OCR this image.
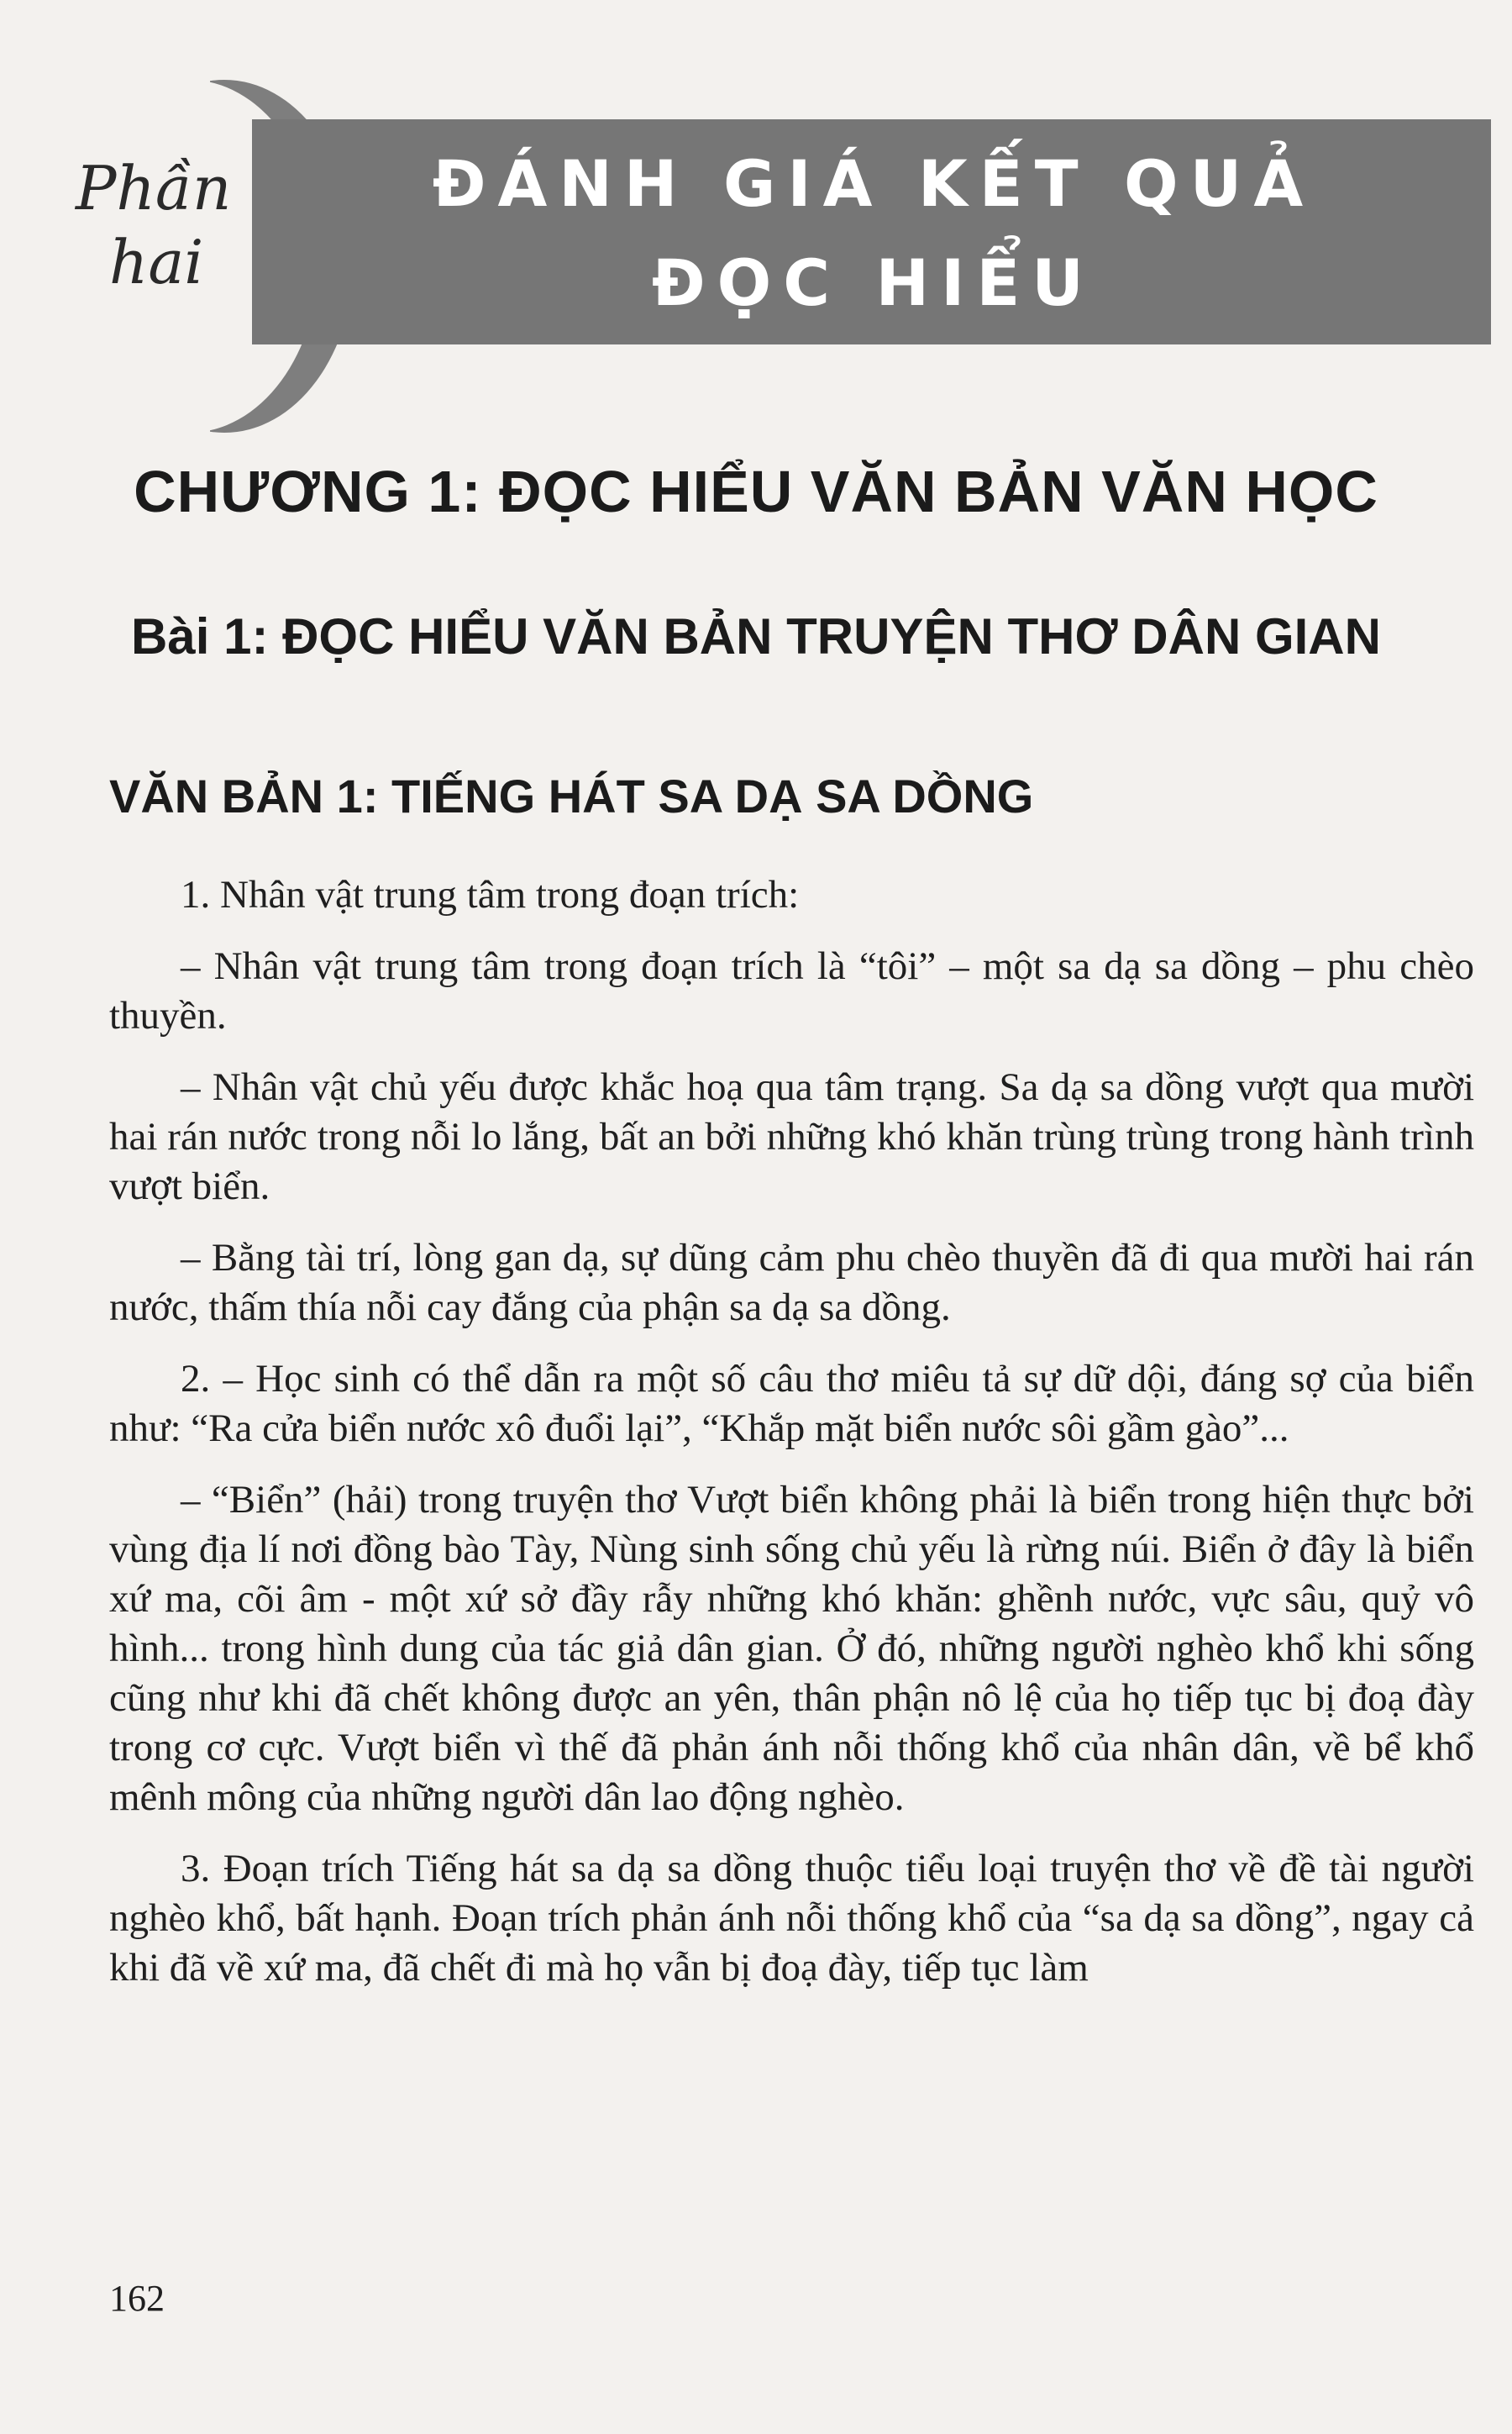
Phần
hai
ĐÁNH GIÁ KẾT QUẢ
ĐỌC HIỂU
CHƯƠNG 1: ĐỌC HIỂU VĂN BẢN VĂN HỌC
Bài 1: ĐỌC HIỂU VĂN BẢN TRUYỆN THƠ DÂN GIAN
VĂN BẢN 1: TIẾNG HÁT SA DẠ SA DỒNG

1. Nhân vật trung tâm trong đoạn trích:

– Nhân vật trung tâm trong đoạn trích là “tôi” – một sa dạ sa dồng – phu chèo thuyền.

– Nhân vật chủ yếu được khắc hoạ qua tâm trạng. Sa dạ sa dồng vượt qua mười hai rán nước trong nỗi lo lắng, bất an bởi những khó khăn trùng trùng trong hành trình vượt biển.

– Bằng tài trí, lòng gan dạ, sự dũng cảm phu chèo thuyền đã đi qua mười hai rán nước, thấm thía nỗi cay đắng của phận sa dạ sa dồng.

2. – Học sinh có thể dẫn ra một số câu thơ miêu tả sự dữ dội, đáng sợ của biển như: “Ra cửa biển nước xô đuổi lại”, “Khắp mặt biển nước sôi gầm gào”...

– “Biển” (hải) trong truyện thơ Vượt biển không phải là biển trong hiện thực bởi vùng địa lí nơi đồng bào Tày, Nùng sinh sống chủ yếu là rừng núi. Biển ở đây là biển xứ ma, cõi âm - một xứ sở đầy rẫy những khó khăn: ghềnh nước, vực sâu, quỷ vô hình... trong hình dung của tác giả dân gian. Ở đó, những người nghèo khổ khi sống cũng như khi đã chết không được an yên, thân phận nô lệ của họ tiếp tục bị đoạ đày trong cơ cực. Vượt biển vì thế đã phản ánh nỗi thống khổ của nhân dân, về bể khổ mênh mông của những người dân lao động nghèo.

3. Đoạn trích Tiếng hát sa dạ sa dồng thuộc tiểu loại truyện thơ về đề tài người nghèo khổ, bất hạnh. Đoạn trích phản ánh nỗi thống khổ của “sa dạ sa dồng”, ngay cả khi đã về xứ ma, đã chết đi mà họ vẫn bị đoạ đày, tiếp tục làm

162
